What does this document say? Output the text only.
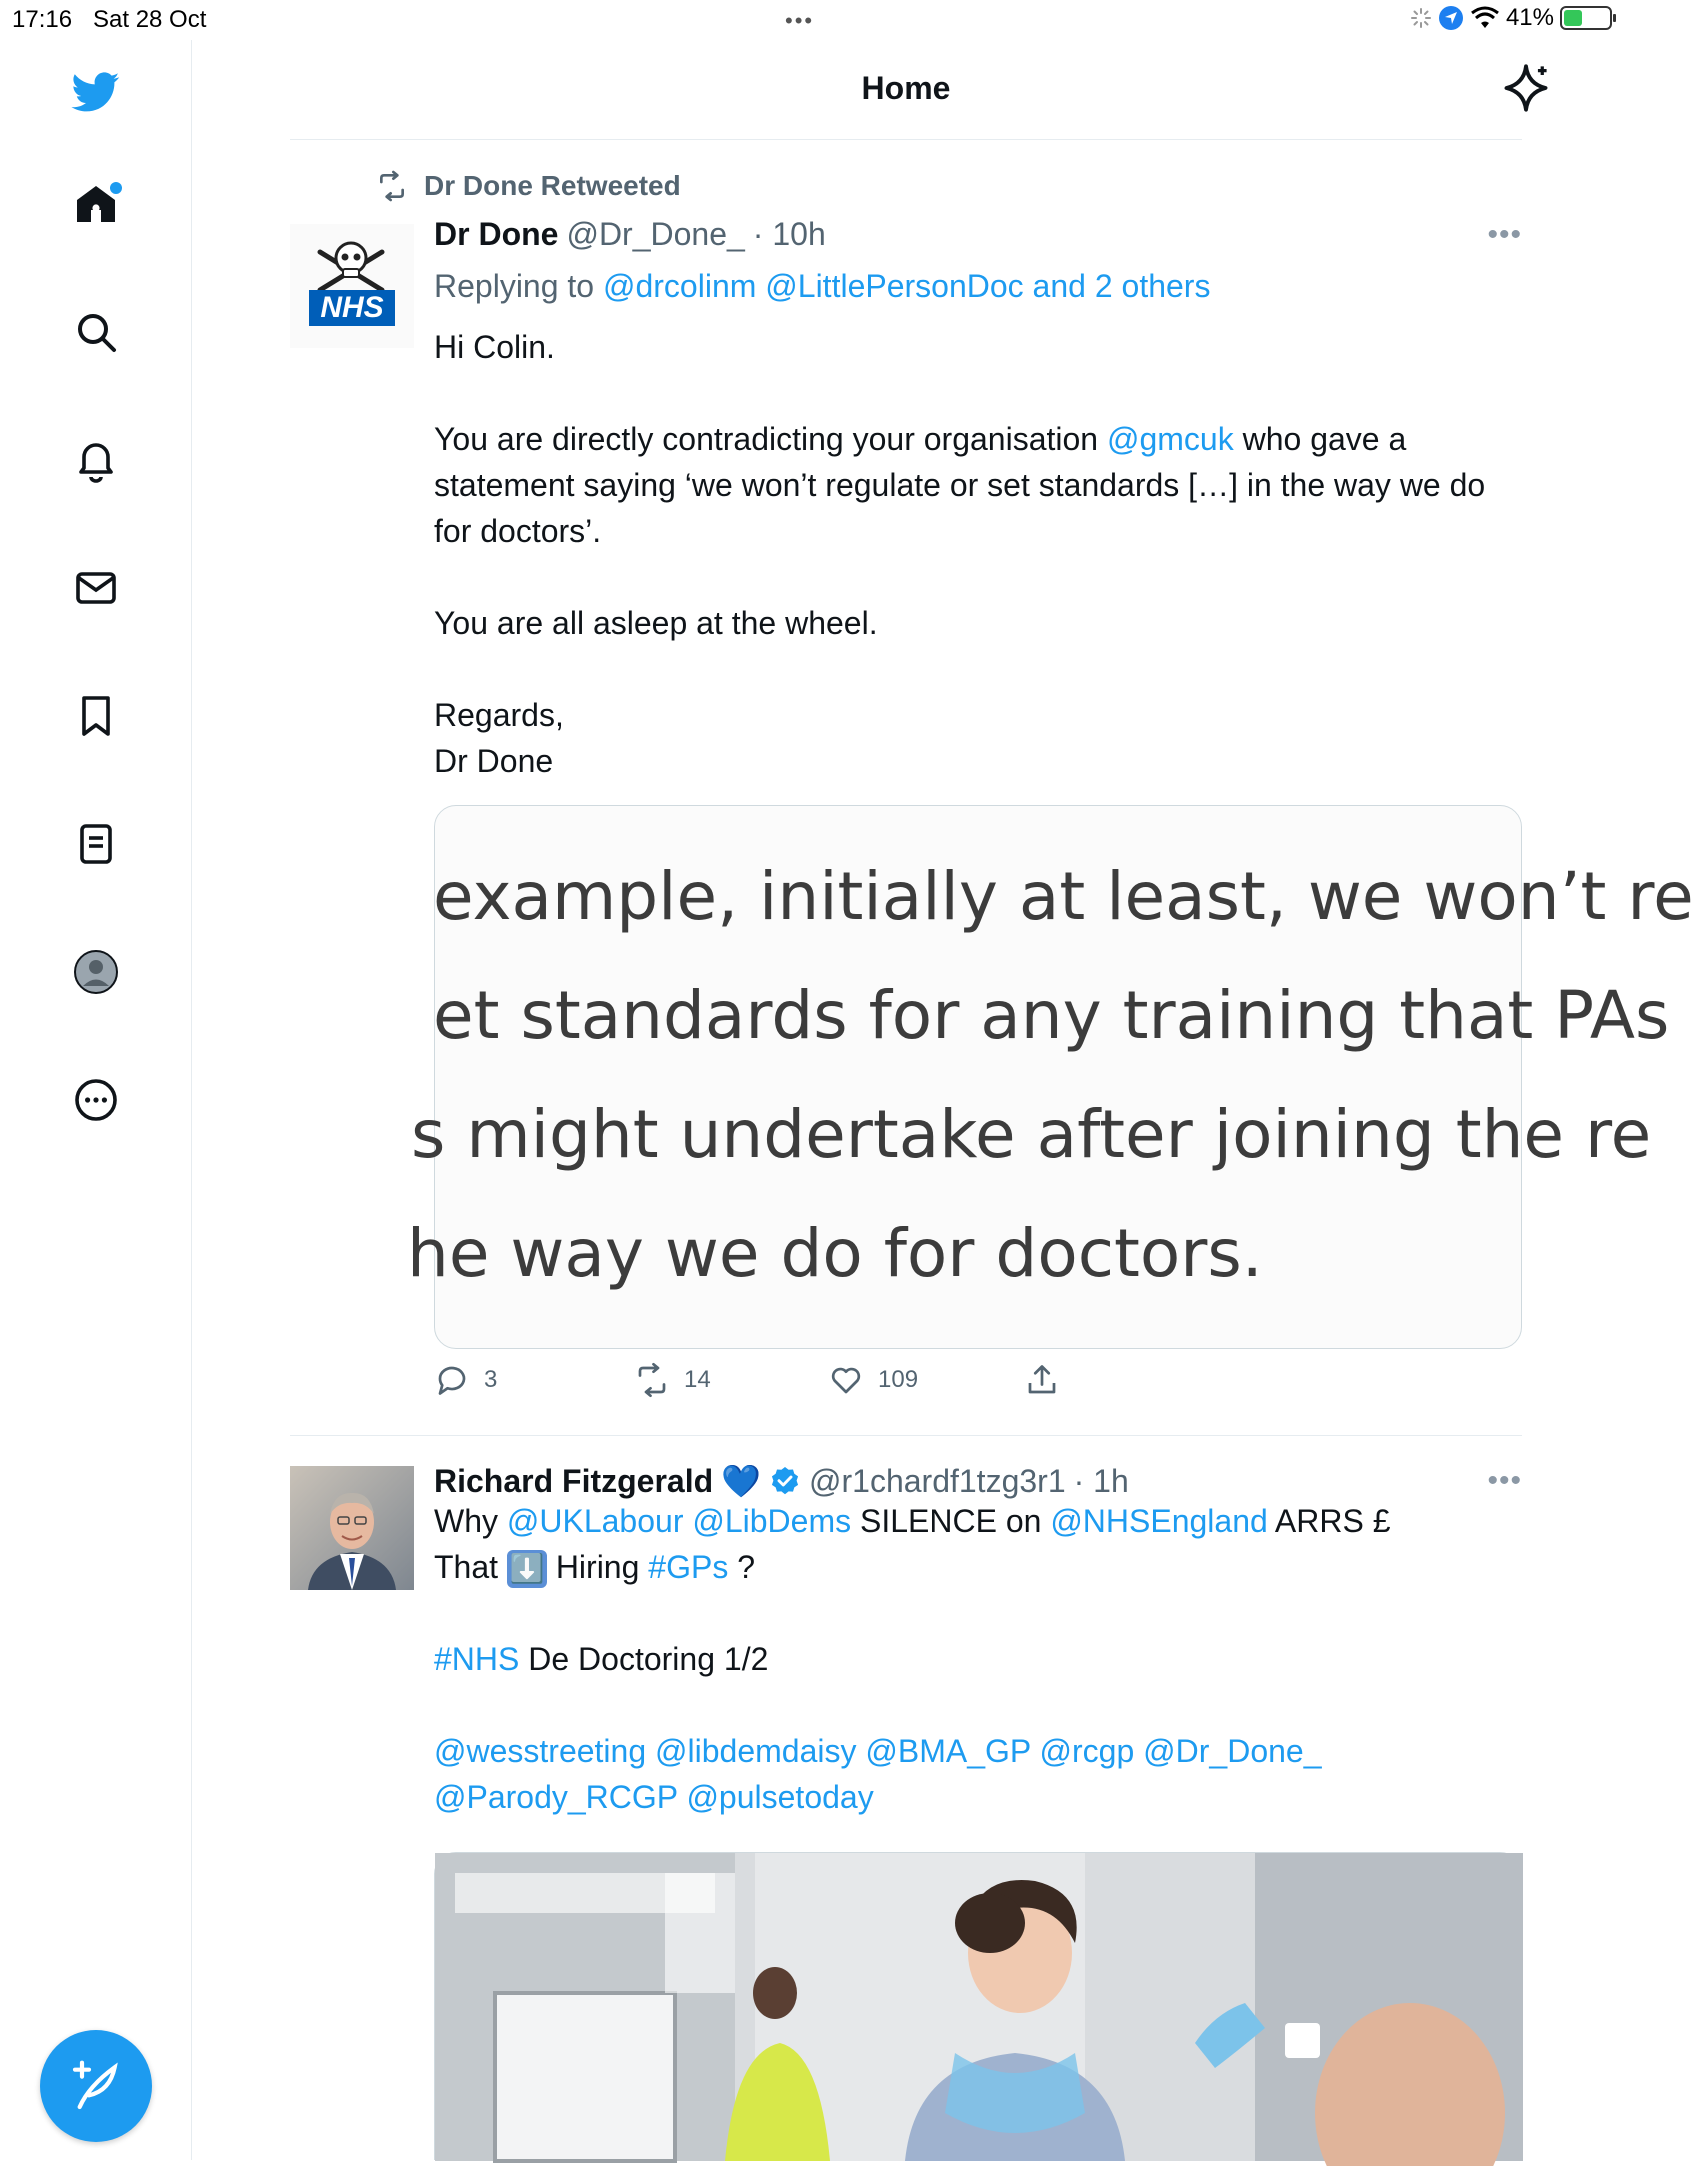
17:16 Sat 28 Oct	•••	41%
Home
Dr Done Retweeted
NHS
Dr Done @Dr_Done_ · 10h	•••
Replying to @drcolinm @LittlePersonDoc and 2 others

Hi Colin.

You are directly contradicting your organisation @gmcuk who gave a statement saying ‘we won’t regulate or set standards […] in the way we do for doctors’.

You are all asleep at the wheel.

Regards,
Dr Done

example, initially at least, we won’t re
et standards for any training that PAs
s might undertake after joining the re
he way we do for doctors.
3	14	109
Richard Fitzgerald 💙 @r1chardf1tzg3r1 · 1h	•••

Why @UKLabour @LibDems SILENCE on @NHSEngland ARRS £
That ⬇️ Hiring #GPs ?

#NHS De Doctoring 1/2

@wesstreeting @libdemdaisy @BMA_GP @rcgp @Dr_Done_
@Parody_RCGP @pulsetoday
